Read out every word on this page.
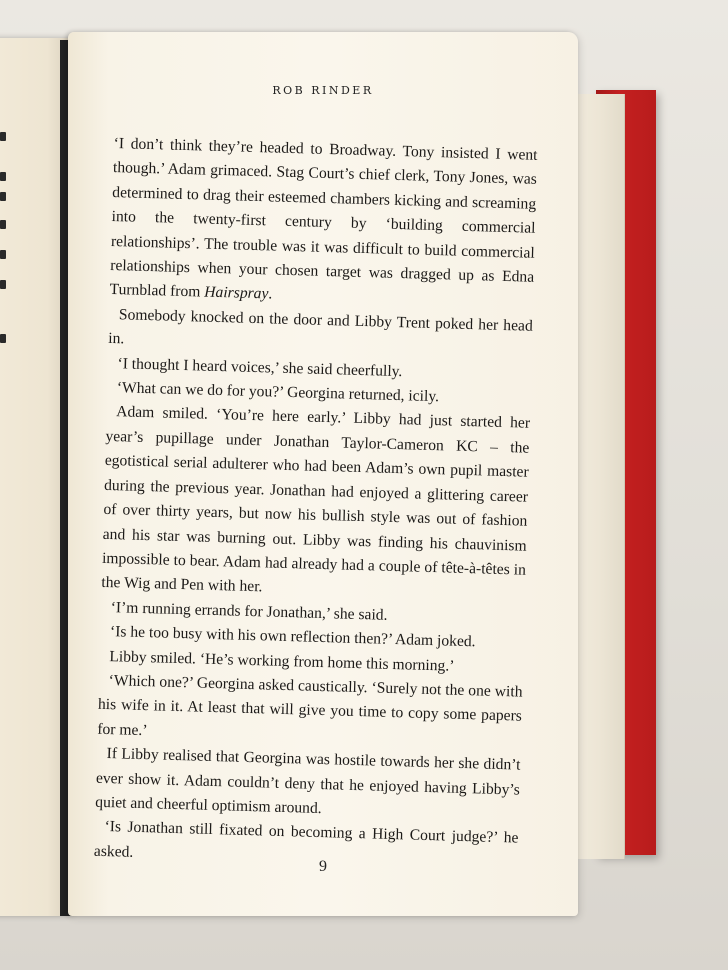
ROB RINDER

‘I don’t think they’re headed to Broadway. Tony insisted I went though.’ Adam grimaced. Stag Court’s chief clerk, Tony Jones, was determined to drag their esteemed chambers kicking and screaming into the twenty-first century by ‘building commercial relationships’. The trouble was it was difficult to build commercial relationships when your chosen target was dragged up as Edna Turnblad from Hairspray.

Somebody knocked on the door and Libby Trent poked her head in.

‘I thought I heard voices,’ she said cheerfully.

‘What can we do for you?’ Georgina returned, icily.

Adam smiled. ‘You’re here early.’ Libby had just started her year’s pupillage under Jonathan Taylor-Cameron KC – the egotistical serial adulterer who had been Adam’s own pupil master during the previous year. Jonathan had enjoyed a glittering career of over thirty years, but now his bullish style was out of fashion and his star was burning out. Libby was finding his chauvinism impossible to bear. Adam had already had a couple of tête-à-têtes in the Wig and Pen with her.

‘I’m running errands for Jonathan,’ she said.

‘Is he too busy with his own reflection then?’ Adam joked.

Libby smiled. ‘He’s working from home this morning.’

‘Which one?’ Georgina asked caustically. ‘Surely not the one with his wife in it. At least that will give you time to copy some papers for me.’

If Libby realised that Georgina was hostile towards her she didn’t ever show it. Adam couldn’t deny that he enjoyed having Libby’s quiet and cheerful optimism around.

‘Is Jonathan still fixated on becoming a High Court judge?’ he asked.

9
